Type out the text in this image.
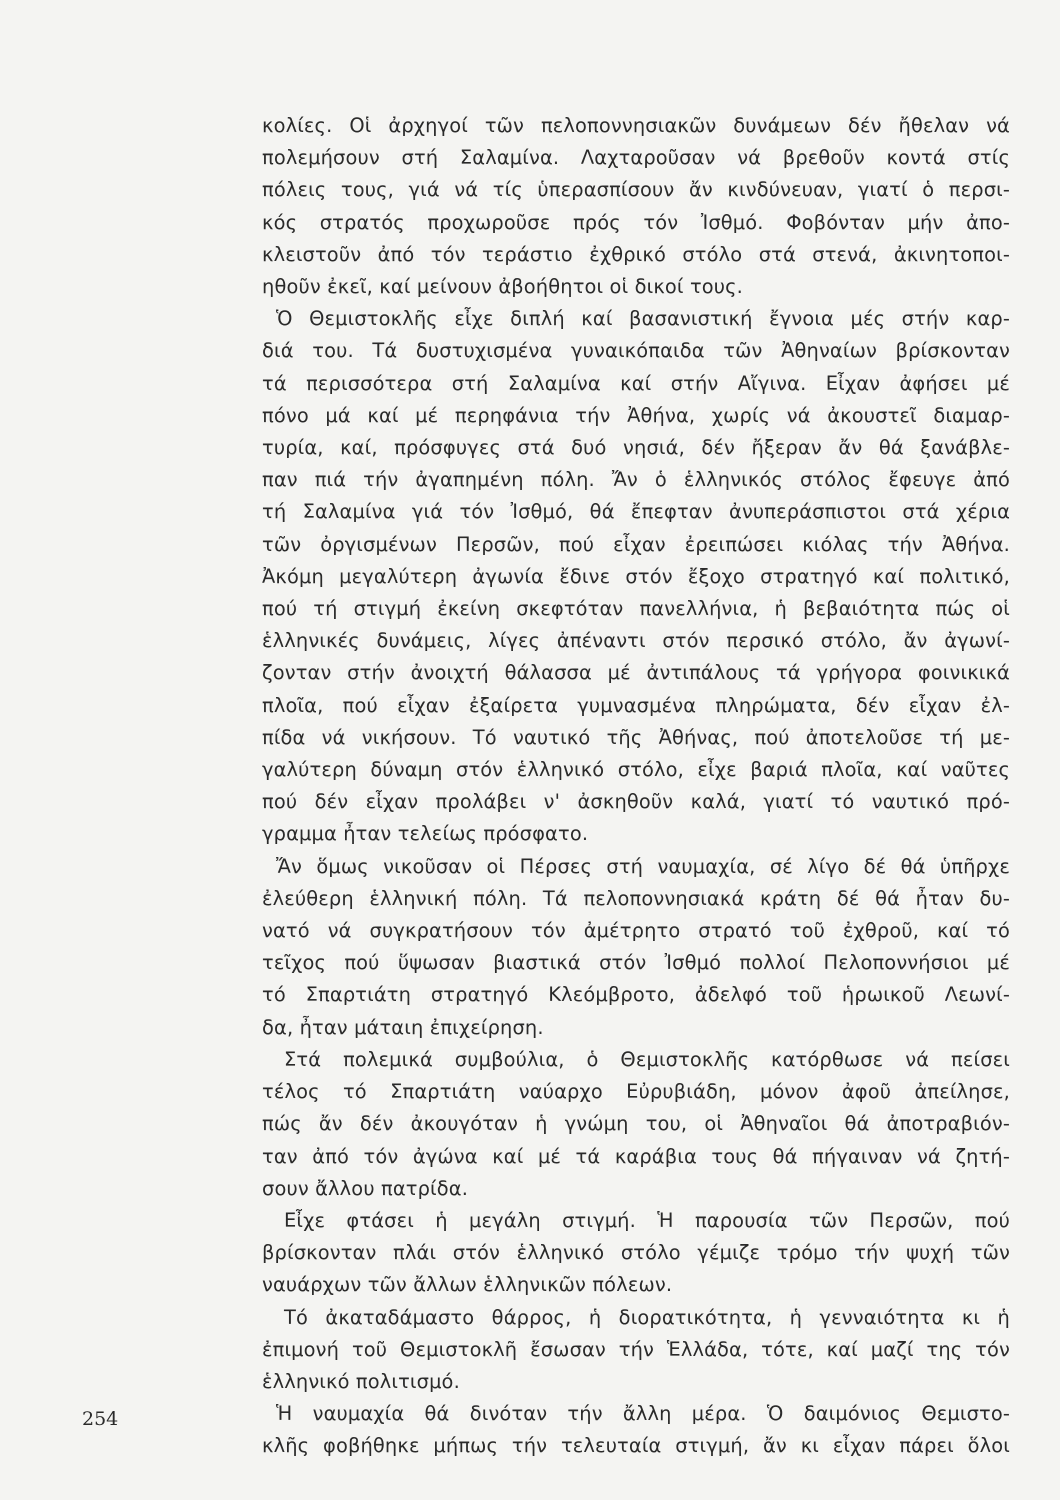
κολίες. Οἱ ἀρχηγοί τῶν πελοποννησιακῶν δυνάμεων δέν ἤθελαν νά
πολεμήσουν στή Σαλαμίνα. Λαχταροῦσαν νά βρεθοῦν κοντά στίς
πόλεις τους, γιά νά τίς ὑπερασπίσουν ἄν κινδύνευαν, γιατί ὁ περσι-
κός στρατός προχωροῦσε πρός τόν Ἰσθμό. Φοβόνταν μήν ἀπο-
κλειστοῦν ἀπό τόν τεράστιο ἐχθρικό στόλο στά στενά, ἀκινητοποι-
ηθοῦν ἐκεῖ, καί μείνουν ἀβοήθητοι οἱ δικοί τους.
Ὁ Θεμιστοκλῆς εἶχε διπλή καί βασανιστική ἔγνοια μές στήν καρ-
διά του. Τά δυστυχισμένα γυναικόπαιδα τῶν Ἀθηναίων βρίσκονταν
τά περισσότερα στή Σαλαμίνα καί στήν Αἴγινα. Εἶχαν ἀφήσει μέ
πόνο μά καί μέ περηφάνια τήν Ἀθήνα, χωρίς νά ἀκουστεῖ διαμαρ-
τυρία, καί, πρόσφυγες στά δυό νησιά, δέν ἤξεραν ἄν θά ξανάβλε-
παν πιά τήν ἀγαπημένη πόλη. Ἄν ὁ ἑλληνικός στόλος ἔφευγε ἀπό
τή Σαλαμίνα γιά τόν Ἰσθμό, θά ἔπεφταν ἀνυπεράσπιστοι στά χέρια
τῶν ὀργισμένων Περσῶν, πού εἶχαν ἐρειπώσει κιόλας τήν Ἀθήνα.
Ἀκόμη μεγαλύτερη ἀγωνία ἔδινε στόν ἔξοχο στρατηγό καί πολιτικό,
πού τή στιγμή ἐκείνη σκεφτόταν πανελλήνια, ἡ βεβαιότητα πώς οἱ
ἑλληνικές δυνάμεις, λίγες ἀπέναντι στόν περσικό στόλο, ἄν ἀγωνί-
ζονταν στήν ἀνοιχτή θάλασσα μέ ἀντιπάλους τά γρήγορα φοινικικά
πλοῖα, πού εἶχαν ἐξαίρετα γυμνασμένα πληρώματα, δέν εἶχαν ἐλ-
πίδα νά νικήσουν. Τό ναυτικό τῆς Ἀθήνας, πού ἀποτελοῦσε τή με-
γαλύτερη δύναμη στόν ἑλληνικό στόλο, εἶχε βαριά πλοῖα, καί ναῦτες
πού δέν εἶχαν προλάβει ν' ἀσκηθοῦν καλά, γιατί τό ναυτικό πρό-
γραμμα ἦταν τελείως πρόσφατο.
Ἄν ὅμως νικοῦσαν οἱ Πέρσες στή ναυμαχία, σέ λίγο δέ θά ὑπῆρχε
ἐλεύθερη ἑλληνική πόλη. Τά πελοποννησιακά κράτη δέ θά ἦταν δυ-
νατό νά συγκρατήσουν τόν ἀμέτρητο στρατό τοῦ ἐχθροῦ, καί τό
τεῖχος πού ὕψωσαν βιαστικά στόν Ἰσθμό πολλοί Πελοποννήσιοι μέ
τό Σπαρτιάτη στρατηγό Κλεόμβροτο, ἀδελφό τοῦ ἡρωικοῦ Λεωνί-
δα, ἦταν μάταιη ἐπιχείρηση.
Στά πολεμικά συμβούλια, ὁ Θεμιστοκλῆς κατόρθωσε νά πείσει
τέλος τό Σπαρτιάτη ναύαρχο Εὐρυβιάδη, μόνον ἀφοῦ ἀπείλησε,
πώς ἄν δέν ἀκουγόταν ἡ γνώμη του, οἱ Ἀθηναῖοι θά ἀποτραβιόν-
ταν ἀπό τόν ἀγώνα καί μέ τά καράβια τους θά πήγαιναν νά ζητή-
σουν ἄλλου πατρίδα.
Εἶχε φτάσει ἡ μεγάλη στιγμή. Ἡ παρουσία τῶν Περσῶν, πού
βρίσκονταν πλάι στόν ἑλληνικό στόλο γέμιζε τρόμο τήν ψυχή τῶν
ναυάρχων τῶν ἄλλων ἑλληνικῶν πόλεων.
Τό ἀκαταδάμαστο θάρρος, ἡ διορατικότητα, ἡ γενναιότητα κι ἡ
ἐπιμονή τοῦ Θεμιστοκλῆ ἔσωσαν τήν Ἑλλάδα, τότε, καί μαζί της τόν
ἑλληνικό πολιτισμό.
Ἡ ναυμαχία θά δινόταν τήν ἄλλη μέρα. Ὁ δαιμόνιος Θεμιστο-
κλῆς φοβήθηκε μήπως τήν τελευταία στιγμή, ἄν κι εἶχαν πάρει ὅλοι
254
